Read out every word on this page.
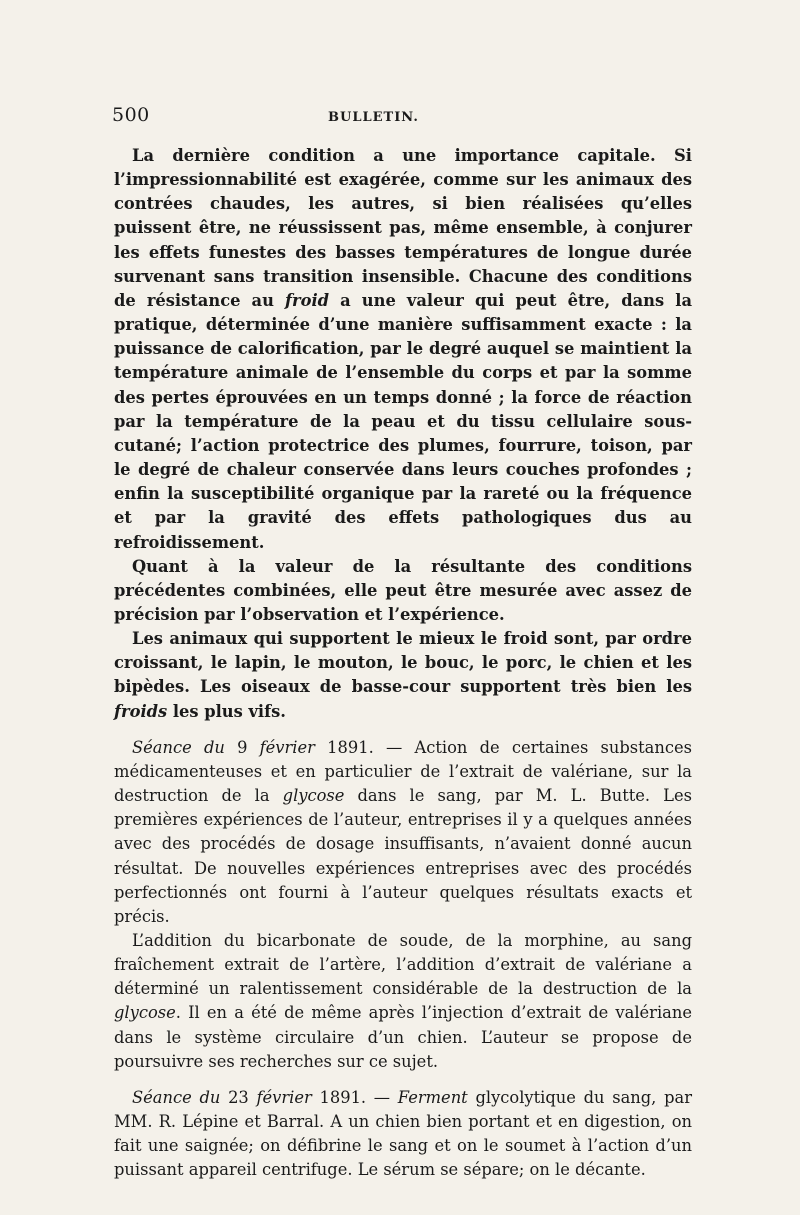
500	BULLETIN.

La dernière condition a une importance capitale. Si l’impressionnabilité est exagérée, comme sur les animaux des contrées chaudes, les autres, si bien réalisées qu’elles puissent être, ne réussissent pas, même ensemble, à conjurer les effets funestes des basses températures de longue durée survenant sans transition insensible. Chacune des conditions de résistance au froid a une valeur qui peut être, dans la pratique, déterminée d’une manière suffisamment exacte : la puissance de calorification, par le degré auquel se maintient la température animale de l’ensemble du corps et par la somme des pertes éprouvées en un temps donné ; la force de réaction par la température de la peau et du tissu cellulaire sous-cutané; l’action protectrice des plumes, fourrure, toison, par le degré de chaleur conservée dans leurs couches profondes ; enfin la susceptibilité organique par la rareté ou la fréquence et par la gravité des effets pathologiques dus au refroidissement.

Quant à la valeur de la résultante des conditions précédentes combinées, elle peut être mesurée avec assez de précision par l’observation et l’expérience.

Les animaux qui supportent le mieux le froid sont, par ordre croissant, le lapin, le mouton, le bouc, le porc, le chien et les bipèdes. Les oiseaux de basse-cour supportent très bien les froids les plus vifs.

Séance du 9 février 1891. — Action de certaines substances médicamenteuses et en particulier de l’extrait de valériane, sur la destruction de la glycose dans le sang, par M. L. Butte. Les premières expériences de l’auteur, entreprises il y a quelques années avec des procédés de dosage insuffisants, n’avaient donné aucun résultat. De nouvelles expériences entreprises avec des procédés perfectionnés ont fourni à l’auteur quelques résultats exacts et précis.

L’addition du bicarbonate de soude, de la morphine, au sang fraîchement extrait de l’artère, l’addition d’extrait de valériane a déterminé un ralentissement considérable de la destruction de la glycose. Il en a été de même après l’injection d’extrait de valériane dans le système circulaire d’un chien. L’auteur se propose de poursuivre ses recherches sur ce sujet.

Séance du 23 février 1891. — Ferment glycolytique du sang, par MM. R. Lépine et Barral. A un chien bien portant et en digestion, on fait une saignée; on défibrine le sang et on le soumet à l’action d’un puissant appareil centrifuge. Le sérum se sépare; on le décante.
